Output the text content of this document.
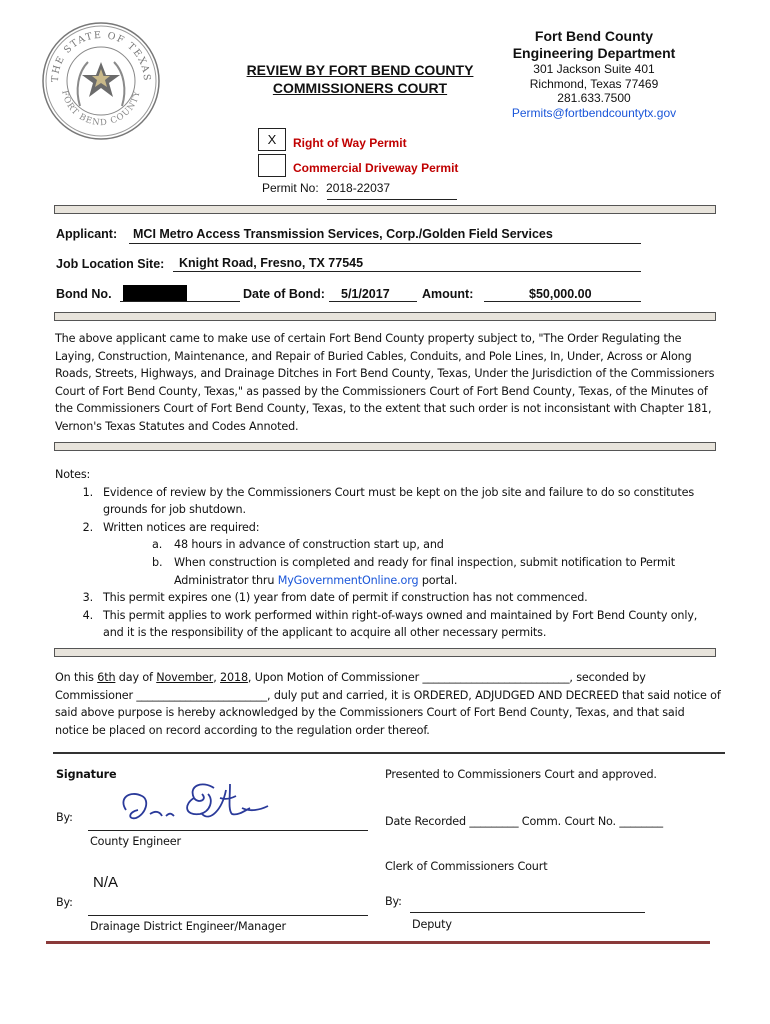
THE STATE OF TEXAS
FORT BEND COUNTY
REVIEW BY FORT BEND COUNTY
COMMISSIONERS COURT
Fort Bend County
Engineering Department
301 Jackson Suite 401
Richmond, Texas 77469
281.633.7500
Permits@fortbendcountytx.gov
X	Right of Way Permit
Commercial Driveway Permit
Permit No: 2018-22037
Applicant: MCI Metro Access Transmission Services, Corp./Golden Field Services
Job Location Site: Knight Road, Fresno, TX 77545
Bond No.	Date of Bond: 5/1/2017	Amount:	$50,000.00
The above applicant came to make use of certain Fort Bend County property subject to, "The Order Regulating the Laying, Construction, Maintenance, and Repair of Buried Cables, Conduits, and Pole Lines, In, Under, Across or Along Roads, Streets, Highways, and Drainage Ditches in Fort Bend County, Texas, Under the Jurisdiction of the Commissioners Court of Fort Bend County, Texas," as passed by the Commissioners Court of Fort Bend County, Texas, of the Minutes of the Commissioners Court of Fort Bend County, Texas, to the extent that such order is not inconsistant with Chapter 181, Vernon's Texas Statutes and Codes Annoted.
Notes:
1. Evidence of review by the Commissioners Court must be kept on the job site and failure to do so constitutes grounds for job shutdown.
2. Written notices are required:
a.	48 hours in advance of construction start up, and
b.	When construction is completed and ready for final inspection, submit notification to Permit Administrator thru MyGovernmentOnline.org portal.
3. This permit expires one (1) year from date of permit if construction has not commenced.
4. This permit applies to work performed within right-of-ways owned and maintained by Fort Bend County only, and it is the responsibility of the applicant to acquire all other necessary permits.
On this 6th day of November, 2018, Upon Motion of Commissioner ___________________________, seconded by Commissioner ________________________, duly put and carried, it is ORDERED, ADJUDGED AND DECREED that said notice of said above purpose is hereby acknowledged by the Commissioners Court of Fort Bend County, Texas, and that said notice be placed on record according to the regulation order thereof.
Signature
By:
County Engineer
N/A
By:
Drainage District Engineer/Manager
Presented to Commissioners Court and approved.
Date Recorded _________ Comm. Court No. ________
Clerk of Commissioners Court
By:
Deputy
